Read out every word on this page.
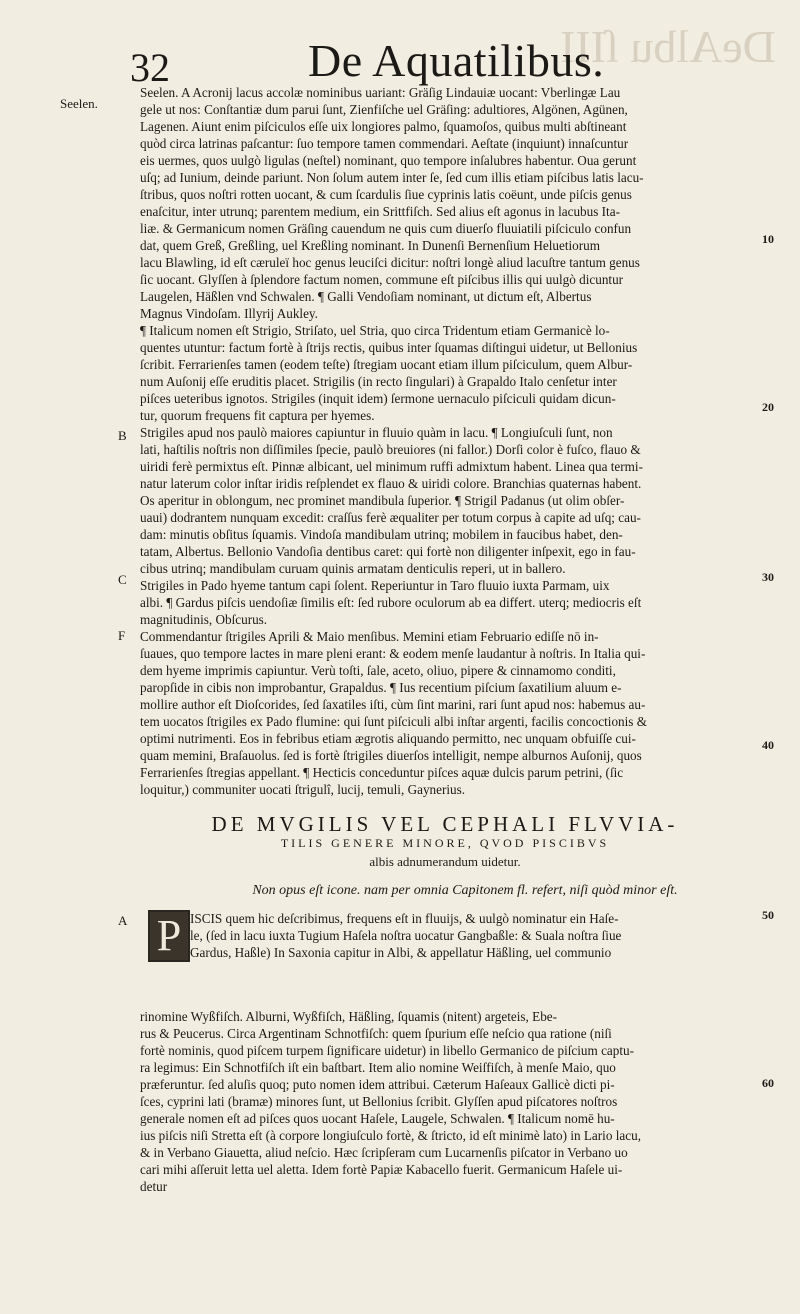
DeAlbu ſIII
32	De Aquatilibus.
Seelen.
B
C
F
A
10
20
30
40
50
60
Seelen. A Acronij lacus accolæ nominibus uariant: Gräſig Lindauiæ uocant: Vberlingæ Lau
gele ut nos: Conſtantiæ dum parui ſunt, Zienfiſche uel Gräſing: adultiores, Algönen, Agünen,
Lagenen. Aiunt enim piſciculos eſſe uix longiores palmo, ſquamoſos, quibus multi abſtineant
quòd circa latrinas paſcantur: ſuo tempore tamen commendari. Aeſtate (inquiunt) innaſcuntur
eis uermes, quos uulgò ligulas (neſtel) nominant, quo tempore inſalubres habentur. Oua gerunt
uſq; ad Iunium, deinde pariunt. Non ſolum autem inter ſe, ſed cum illis etiam piſcibus latis lacu-
ſtribus, quos noſtri rotten uocant, & cum ſcardulis ſiue cyprinis latis coëunt, unde piſcis genus
enaſcitur, inter utrunq; parentem medium, ein Srittfiſch. Sed alius eſt agonus in lacubus Ita-
liæ. & Germanicum nomen Gräſing cauendum ne quis cum diuerſo fluuiatili piſciculo confun
dat, quem Greß, Greßling, uel Kreßling nominant. In Dunenſi Bernenſium Heluetiorum
lacu Blawling, id eſt cæruleï hoc genus leuciſci dicitur: noſtri longè aliud lacuſtre tantum genus
ſic uocant. Glyſſen à ſplendore factum nomen, commune eſt piſcibus illis qui uulgò dicuntur
Laugelen, Häßlen vnd Schwalen. ¶ Galli Vendoſiam nominant, ut dictum eſt, Albertus
Magnus Vindoſam. Illyrij Aukley.
¶ Italicum nomen eſt Strigio, Striſato, uel Stria, quo circa Tridentum etiam Germanicè lo-
quentes utuntur: factum fortè à ſtrijs rectis, quibus inter ſquamas diſtingui uidetur, ut Bellonius
ſcribit. Ferrarienſes tamen (eodem teſte) ſtregiam uocant etiam illum piſciculum, quem Albur-
num Auſonij eſſe eruditis placet. Strigilis (in recto ſingulari) à Grapaldo Italo cenſetur inter
piſces ueteribus ignotos. Strigiles (inquit idem) ſermone uernaculo piſciculi quidam dicun-
tur, quorum frequens fit captura per hyemes.
Strigiles apud nos paulò maiores capiuntur in fluuio quàm in lacu. ¶ Longiuſculi ſunt, non
lati, haſtilis noſtris non diſſimiles ſpecie, paulò breuiores (ni fallor.) Dorſi color è fuſco, flauo &
uiridi ferè permixtus eſt. Pinnæ albicant, uel minimum ruffi admixtum habent. Linea qua termi-
natur laterum color inſtar iridis reſplendet ex flauo & uiridi colore. Branchias quaternas habent.
Os aperitur in oblongum, nec prominet mandibula ſuperior. ¶ Strigil Padanus (ut olim obſer-
uaui) dodrantem nunquam excedit: craſſus ferè æqualiter per totum corpus à capite ad uſq; cau-
dam: minutis obſitus ſquamis. Vindoſa mandibulam utrinq; mobilem in faucibus habet, den-
tatam, Albertus. Bellonio Vandoſia dentibus caret: qui fortè non diligenter inſpexit, ego in fau-
cibus utrinq; mandibulam curuam quinis armatam denticulis reperi, ut in ballero.
Strigiles in Pado hyeme tantum capi ſolent. Reperiuntur in Taro fluuio iuxta Parmam, uix
albi. ¶ Gardus piſcis uendoſiæ ſimilis eſt: ſed rubore oculorum ab ea differt. uterq; mediocris eſt
magnitudinis, Obſcurus.
Commendantur ſtrigiles Aprili & Maio menſibus. Memini etiam Februario ediſſe nō in-
ſuaues, quo tempore lactes in mare pleni erant: & eodem menſe laudantur à noſtris. In Italia qui-
dem hyeme imprimis capiuntur. Verù toſti, ſale, aceto, oliuo, pipere & cinnamomo conditi,
paropſide in cibis non improbantur, Grapaldus. ¶ Ius recentium piſcium ſaxatilium aluum e-
mollire author eſt Dioſcorides, ſed ſaxatiles iſti, cùm ſint marini, rari ſunt apud nos: habemus au-
tem uocatos ſtrigiles ex Pado flumine: qui ſunt piſciculi albi inſtar argenti, facilis concoctionis &
optimi nutrimenti. Eos in febribus etiam ægrotis aliquando permitto, nec unquam obfuiſſe cui-
quam memini, Braſauolus. ſed is fortè ſtrigiles diuerſos intelligit, nempe alburnos Auſonij, quos
Ferrarienſes ſtregias appellant. ¶ Hecticis conceduntur piſces aquæ dulcis parum petrini, (ſic
loquitur,) communiter uocati ſtrigulî, lucij, temuli, Gaynerius.
DE MVGILIS VEL CEPHALI FLVVIA-
TILIS GENERE MINORE, QVOD PISCIBVS
albis adnumerandum uidetur.
Non opus eſt icone. nam per omnia Capitonem fl. refert, niſi quòd minor eſt.
P ISCIS quem hic deſcribimus, frequens eſt in fluuijs, & uulgò nominatur ein Haſe-
le, (ſed in lacu iuxta Tugium Haſela noſtra uocatur Gangbaßle: & Suala noſtra ſiue
Gardus, Haßle) In Saxonia capitur in Albi, & appellatur Häßling, uel communio
rinomine Wyßfiſch. Alburni, Wyßfiſch, Häßling, ſquamis (nitent) argeteis, Ebe-
rus & Peucerus. Circa Argentinam Schnotfiſch: quem ſpurium eſſe neſcio qua ratione (niſi
fortè nominis, quod piſcem turpem ſignificare uidetur) in libello Germanico de piſcium captu-
ra legimus: Ein Schnotfiſch iſt ein baſtbart. Item alio nomine Weiſfiſch, à menſe Maio, quo
præferuntur. ſed aluſis quoq; puto nomen idem attribui. Cæterum Haſeaux Gallicè dicti pi-
ſces, cyprini lati (bramæ) minores ſunt, ut Bellonius ſcribit. Glyſſen apud piſcatores noſtros
generale nomen eſt ad piſces quos uocant Haſele, Laugele, Schwalen. ¶ Italicum nomē hu-
ius piſcis niſi Stretta eſt (à corpore longiuſculo fortè, & ſtricto, id eſt minimè lato) in Lario lacu,
& in Verbano Giauetta, aliud neſcio. Hæc ſcripſeram cum Lucarnenſis piſcator in Verbano uo
cari mihi aſſeruit letta uel aletta. Idem fortè Papiæ Kabacello fuerit. Germanicum Haſele ui-
detur
